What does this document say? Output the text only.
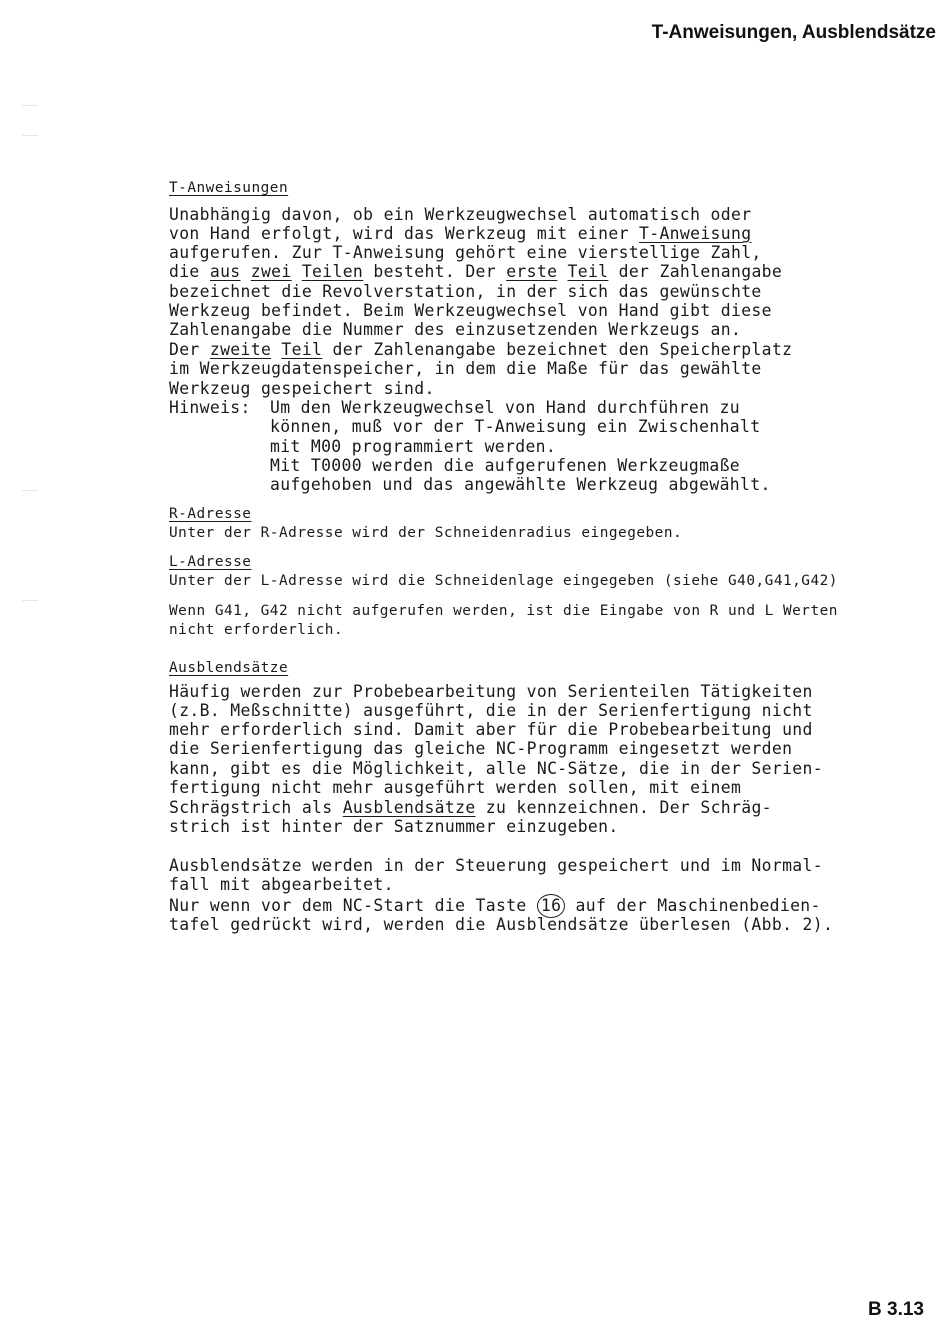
T-Anweisungen, Ausblendsätze
T-Anweisungen
Unabhängig davon, ob ein Werkzeugwechsel automatisch oder
von Hand erfolgt, wird das Werkzeug mit einer T-Anweisung
aufgerufen. Zur T-Anweisung gehört eine vierstellige Zahl,
die aus zwei Teilen besteht. Der erste Teil der Zahlenangabe
bezeichnet die Revolverstation, in der sich das gewünschte
Werkzeug befindet. Beim Werkzeugwechsel von Hand gibt diese
Zahlenangabe die Nummer des einzusetzenden Werkzeugs an.
Der zweite Teil der Zahlenangabe bezeichnet den Speicherplatz
im Werkzeugdatenspeicher, in dem die Maße für das gewählte
Werkzeug gespeichert sind.
Hinweis: Um den Werkzeugwechsel von Hand durchführen zu
können, muß vor der T-Anweisung ein Zwischenhalt
mit M00 programmiert werden.
Mit T0000 werden die aufgerufenen Werkzeugmaße
aufgehoben und das angewählte Werkzeug abgewählt.
R-Adresse
Unter der R-Adresse wird der Schneidenradius eingegeben.
L-Adresse
Unter der L-Adresse wird die Schneidenlage eingegeben (siehe G40,G41,G42)
Wenn G41, G42 nicht aufgerufen werden, ist die Eingabe von R und L Werten
nicht erforderlich.
Ausblendsätze
Häufig werden zur Probebearbeitung von Serienteilen Tätigkeiten
(z.B. Meßschnitte) ausgeführt, die in der Serienfertigung nicht
mehr erforderlich sind. Damit aber für die Probebearbeitung und
die Serienfertigung das gleiche NC-Programm eingesetzt werden
kann, gibt es die Möglichkeit, alle NC-Sätze, die in der Serien-
fertigung nicht mehr ausgeführt werden sollen, mit einem
Schrägstrich als Ausblendsätze zu kennzeichnen. Der Schräg-
strich ist hinter der Satznummer einzugeben.
Ausblendsätze werden in der Steuerung gespeichert und im Normal-
fall mit abgearbeitet.
Nur wenn vor dem NC-Start die Taste 16 auf der Maschinenbedien-
tafel gedrückt wird, werden die Ausblendsätze überlesen (Abb. 2).
B 3.13
